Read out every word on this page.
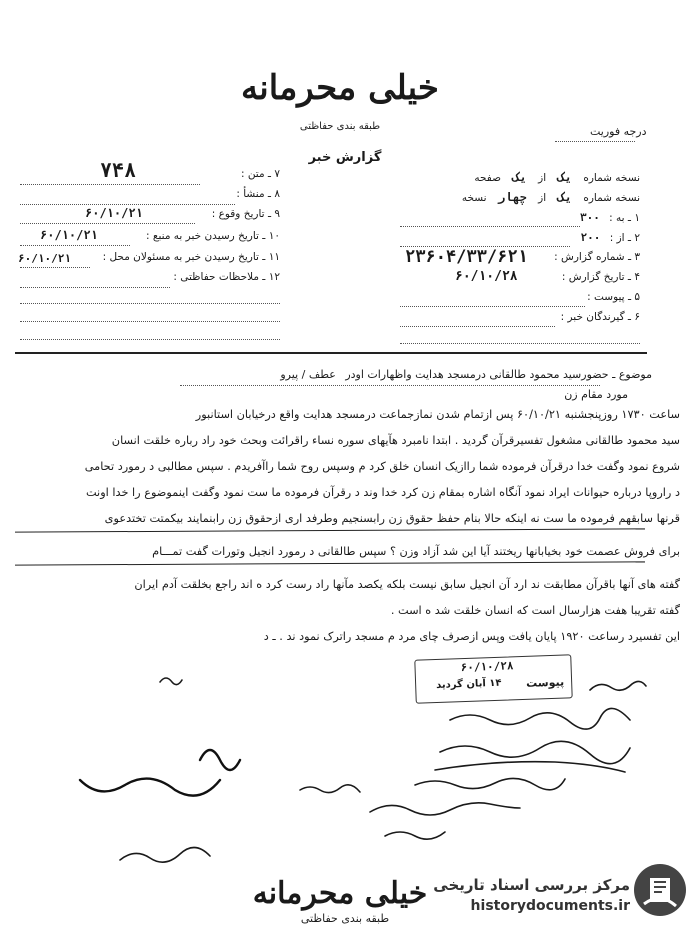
خیلی محرمانه
طبقه بندی حفاظتی	درجه فوریت
گزارش خبر
۷ ـ متن :
۷۴۸
۸ ـ منشأ :
۹ ـ تاریخ وقوع :
۶۰/۱۰/۲۱
۱۰ ـ تاریخ رسیدن خبر به منبع :
۶۰/۱۰/۲۱
۱۱ ـ تاریخ رسیدن خبر به مسئولان محل :
۶۰/۱۰/۲۱
۱۲ ـ ملاحظات حفاظتی :
نسخه شماره یک از یک صفحه
نسخه شماره یک از چهار نسخه
۱ ـ به : ۳۰۰
۲ ـ از : ۲۰۰
۳ ـ شماره گزارش :
۲۳۶۰۴/۳۳/۶۲۱
۴ ـ تاریخ گزارش :
۶۰/۱۰/۲۸
۵ ـ پیوست :
۶ ـ گیرندگان خبر :
موضوع ـ حضورسید محمود طالقانی درمسجد هدایت واظهارات اودر عطف / پیرو
مورد مقام زن
ساعت ۱۷۳۰ روزپنجشنبه ۶۰/۱۰/۲۱ پس ازتمام شدن نمازجماعت درمسجد هدایت واقع درخیابان استانبور
سید محمود طالقانی مشغول تفسیرقرآن گردید . ابتدا نامبرد هآیهای سوره نساء راقرائت وبحث خود راد رباره خلقت انسان
شروع نمود وگفت خدا درقرآن فرموده شما راازیک انسان خلق کرد م وسپس روح شما راآفریدم . سپس مطالبی د رمورد تحامی
د راروپا درباره حیوانات ایراد نمود آنگاه اشاره بمقام زن کرد خدا وند د رقرآن فرموده ما ست نمود وگفت اینموضوع را خدا اونت
قرنها سابقهم فرموده ما ست نه اینکه حالا بنام حفظ حقوق زن رابسنجیم وطرفد اری ازحقوق زن رابنمایند بیکمتت تختدعوی
برای فروش عصمت خود بخیابانها ریختند آیا این شد آزاد وزن ؟ سپس طالقانی د رمورد انجیل وتورات گفت تمـــام
گفته های آنها باقرآن مطابقت ند ارد آن انجیل سابق نیست بلکه یکصد مآنها راد رست کرد ه اند راجع بخلقت آدم ایران
گفته تقریبا هفت هزارسال است که انسان خلقت شد ه است .
این تفسیرد رساعت ۱۹۲۰ پایان یافت وپس ازصرف چای مرد م مسجد راترک نمود ند . ـ د
۶۰/۱۰/۲۸
پیوست
۱۴ آبان گردید
خیلی محرمانه
طبقه بندی حفاظتی
مرکز بررسی اسناد تاریخی
historydocuments.ir
